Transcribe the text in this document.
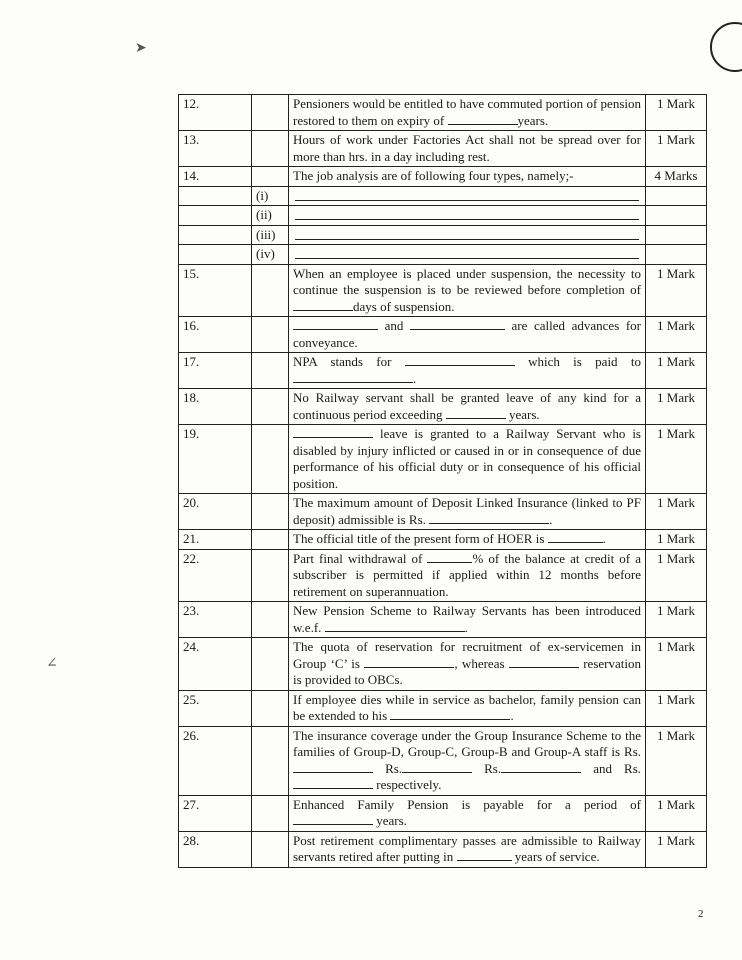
➤
∠
12.		Pensioners would be entitled to have commuted portion of pension restored to them on expiry of years.	1 Mark
13.		Hours of work under Factories Act shall not be spread over for more than hrs. in a day including rest.	1 Mark
14.		The job analysis are of following four types, namely;-	4 Marks
	(i)	

	(ii)	

	(iii)	

	(iv)	

15.		When an employee is placed under suspension, the necessity to continue the suspension is to be reviewed before completion of days of suspension.	1 Mark
16.		and are called advances for conveyance.	1 Mark
17.		NPA stands for which is paid to .	1 Mark
18.		No Railway servant shall be granted leave of any kind for a continuous period exceeding years.	1 Mark
19.		leave is granted to a Railway Servant who is disabled by injury inflicted or caused in or in consequence of due performance of his official duty or in consequence of his official position.	1 Mark
20.		The maximum amount of Deposit Linked Insurance (linked to PF deposit) admissible is Rs. .	1 Mark
21.		The official title of the present form of HOER is .	1 Mark
22.		Part final withdrawal of % of the balance at credit of a subscriber is permitted if applied within 12 months before retirement on superannuation.	1 Mark
23.		New Pension Scheme to Railway Servants has been introduced w.e.f. .	1 Mark
24.		The quota of reservation for recruitment of ex-servicemen in Group ‘C’ is , whereas reservation is provided to OBCs.	1 Mark
25.		If employee dies while in service as bachelor, family pension can be extended to his .	1 Mark
26.		The insurance coverage under the Group Insurance Scheme to the families of Group-D, Group-C, Group-B and Group-A staff is Rs. Rs. Rs. and Rs. respectively.	1 Mark
27.		Enhanced Family Pension is payable for a period of  years.	1 Mark
28.		Post retirement complimentary passes are admissible to Railway servants retired after putting in years of service.	1 Mark
2
